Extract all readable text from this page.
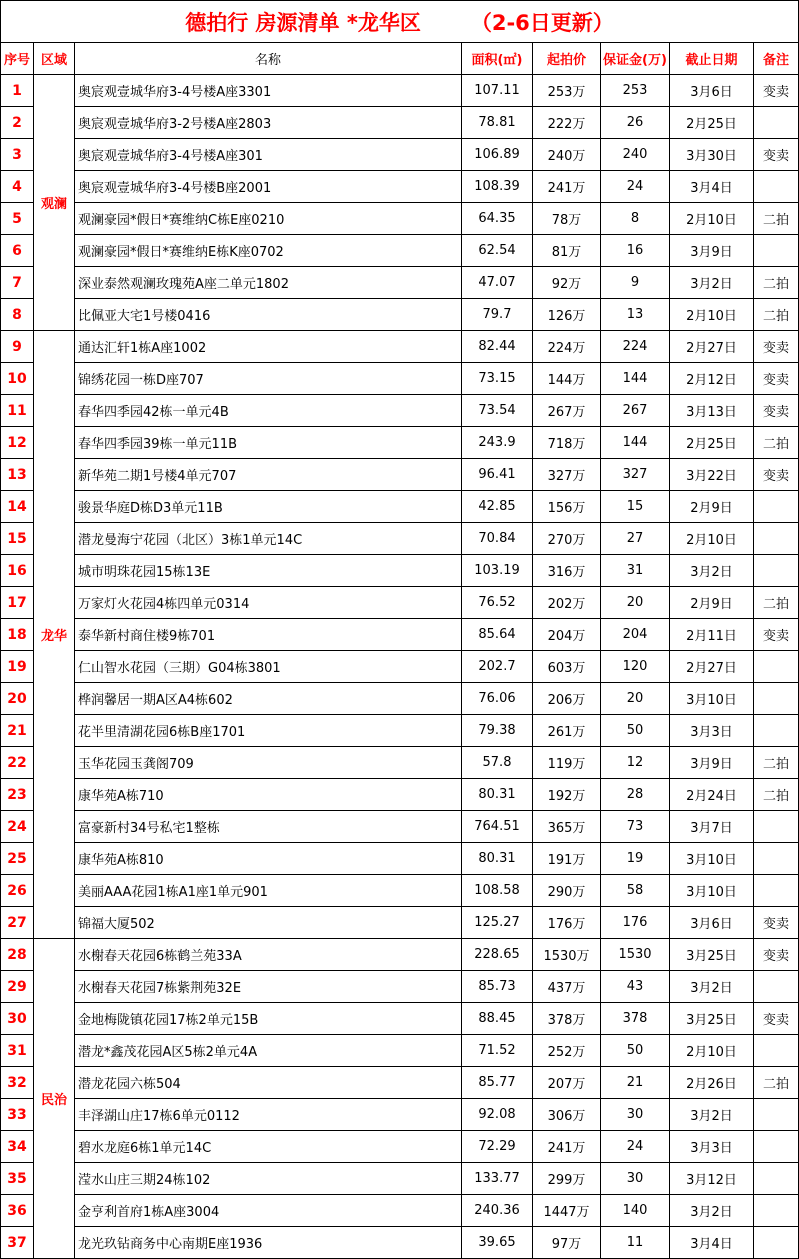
德拍行 房源清单 *龙华区 （2-6日更新）							
序号	区域	名称	面积(㎡)	起拍价	保证金(万)	截止日期	备注
1	观澜	奥宸观壹城华府3-4号楼A座3301	107.11	253万	253	3月6日	变卖
2		奥宸观壹城华府3-2号楼A座2803	78.81	222万	26	2月25日	
3		奥宸观壹城华府3-4号楼A座301	106.89	240万	240	3月30日	变卖
4		奥宸观壹城华府3-4号楼B座2001	108.39	241万	24	3月4日	
5		观澜豪园*假日*赛维纳C栋E座0210	64.35	78万	8	2月10日	二拍
6		观澜豪园*假日*赛维纳E栋K座0702	62.54	81万	16	3月9日	
7		深业泰然观澜玫瑰苑A座二单元1802	47.07	92万	9	3月2日	二拍
8		比佩亚大宅1号楼0416	79.7	126万	13	2月10日	二拍
9	龙华	通达汇轩1栋A座1002	82.44	224万	224	2月27日	变卖
10		锦绣花园一栋D座707	73.15	144万	144	2月12日	变卖
11		春华四季园42栋一单元4B	73.54	267万	267	3月13日	变卖
12		春华四季园39栋一单元11B	243.9	718万	144	2月25日	二拍
13		新华苑二期1号楼4单元707	96.41	327万	327	3月22日	变卖
14		骏景华庭D栋D3单元11B	42.85	156万	15	2月9日	
15		潜龙曼海宁花园（北区）3栋1单元14C	70.84	270万	27	2月10日	
16		城市明珠花园15栋13E	103.19	316万	31	3月2日	
17		万家灯火花园4栋四单元0314	76.52	202万	20	2月9日	二拍
18		泰华新村商住楼9栋701	85.64	204万	204	2月11日	变卖
19		仁山智水花园（三期）G04栋3801	202.7	603万	120	2月27日	
20		桦润馨居一期A区A4栋602	76.06	206万	20	3月10日	
21		花半里清湖花园6栋B座1701	79.38	261万	50	3月3日	
22		玉华花园玉龚阁709	57.8	119万	12	3月9日	二拍
23		康华苑A栋710	80.31	192万	28	2月24日	二拍
24		富豪新村34号私宅1整栋	764.51	365万	73	3月7日	
25		康华苑A栋810	80.31	191万	19	3月10日	
26		美丽AAA花园1栋A1座1单元901	108.58	290万	58	3月10日	
27		锦福大厦502	125.27	176万	176	3月6日	变卖
28	民治	水榭春天花园6栋鹤兰苑33A	228.65	1530万	1530	3月25日	变卖
29		水榭春天花园7栋紫荆苑32E	85.73	437万	43	3月2日	
30		金地梅陇镇花园17栋2单元15B	88.45	378万	378	3月25日	变卖
31		潜龙*鑫茂花园A区5栋2单元4A	71.52	252万	50	2月10日	
32		潜龙花园六栋504	85.77	207万	21	2月26日	二拍
33		丰泽湖山庄17栋6单元0112	92.08	306万	30	3月2日	
34		碧水龙庭6栋1单元14C	72.29	241万	24	3月3日	
35		滢水山庄三期24栋102	133.77	299万	30	3月12日	
36		金亨利首府1栋A座3004	240.36	1447万	140	3月2日	
37		龙光玖钻商务中心南期E座1936	39.65	97万	11	3月4日	
